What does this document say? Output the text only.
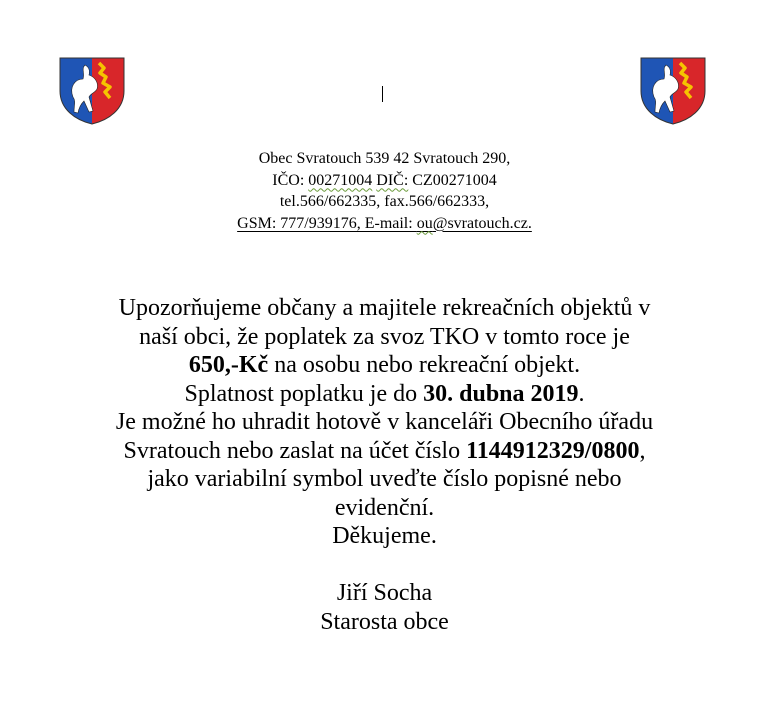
Obec Svratouch 539 42 Svratouch 290,
IČO: 00271004 DIČ: CZ00271004
tel.566/662335, fax.566/662333,
GSM: 777/939176, E-mail: ou@svratouch.cz.
Upozorňujeme občany a majitele rekreačních objektů v
naší obci, že poplatek za svoz TKO v tomto roce je
650,-Kč na osobu nebo rekreační objekt.
Splatnost poplatku je do 30. dubna 2019.
Je možné ho uhradit hotově v kanceláři Obecního úřadu
Svratouch nebo zaslat na účet číslo 1144912329/0800,
jako variabilní symbol uveďte číslo popisné nebo
evidenční.
Děkujeme.
Jiří Socha
Starosta obce
